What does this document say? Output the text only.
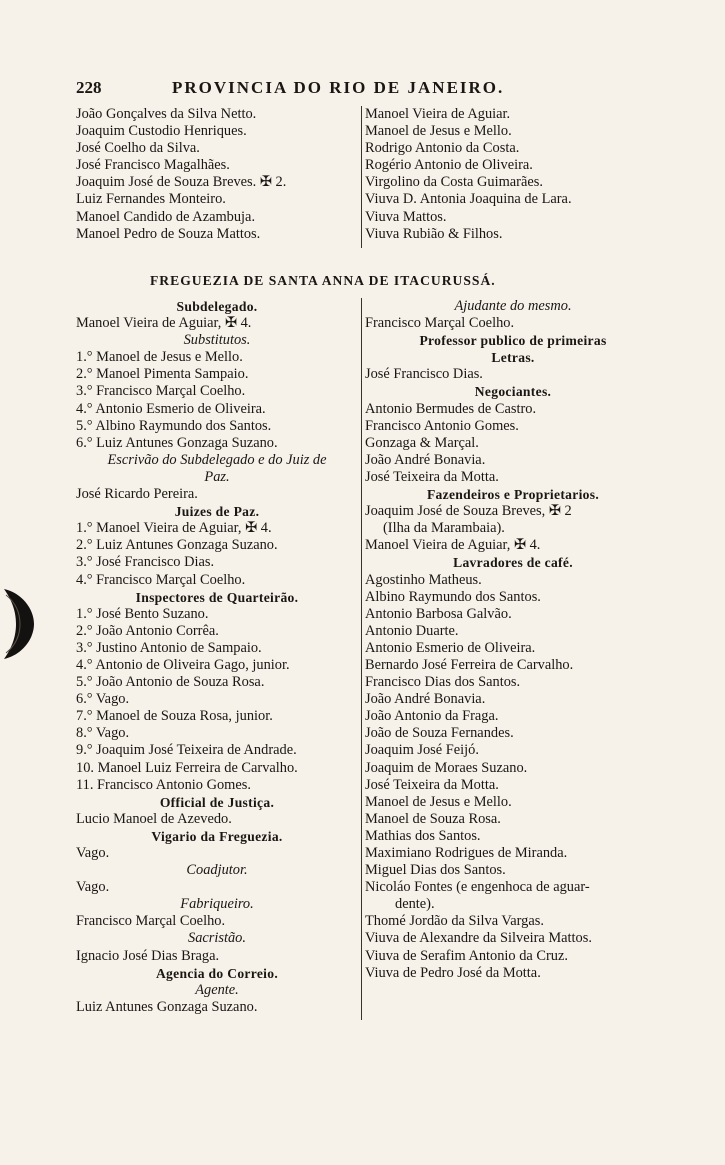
228	PROVINCIA DO RIO DE JANEIRO.
João Gonçalves da Silva Netto.
Joaquim Custodio Henriques.
José Coelho da Silva.
José Francisco Magalhães.
Joaquim José de Souza Breves. ✠ 2.
Luiz Fernandes Monteiro.
Manoel Candido de Azambuja.
Manoel Pedro de Souza Mattos.
Manoel Vieira de Aguiar.
Manoel de Jesus e Mello.
Rodrigo Antonio da Costa.
Rogério Antonio de Oliveira.
Virgolino da Costa Guimarães.
Viuva D. Antonia Joaquina de Lara.
Viuva Mattos.
Viuva Rubião & Filhos.
FREGUEZIA DE SANTA ANNA DE ITACURUSSÁ.
Subdelegado.
Manoel Vieira de Aguiar, ✠ 4.
Substitutos.
1.° Manoel de Jesus e Mello.
2.° Manoel Pimenta Sampaio.
3.° Francisco Marçal Coelho.
4.° Antonio Esmerio de Oliveira.
5.° Albino Raymundo dos Santos.
6.° Luiz Antunes Gonzaga Suzano.
Escrivão do Subdelegado e do Juiz de
Paz.
José Ricardo Pereira.
Juizes de Paz.
1.° Manoel Vieira de Aguiar, ✠ 4.
2.° Luiz Antunes Gonzaga Suzano.
3.° José Francisco Dias.
4.° Francisco Marçal Coelho.
Inspectores de Quarteirão.
1.° José Bento Suzano.
2.° João Antonio Corrêa.
3.° Justino Antonio de Sampaio.
4.° Antonio de Oliveira Gago, junior.
5.° João Antonio de Souza Rosa.
6.° Vago.
7.° Manoel de Souza Rosa, junior.
8.° Vago.
9.° Joaquim José Teixeira de Andrade.
10. Manoel Luiz Ferreira de Carvalho.
11. Francisco Antonio Gomes.
Official de Justiça.
Lucio Manoel de Azevedo.
Vigario da Freguezia.
Vago.
Coadjutor.
Vago.
Fabriqueiro.
Francisco Marçal Coelho.
Sacristão.
Ignacio José Dias Braga.
Agencia do Correio.
Agente.
Luiz Antunes Gonzaga Suzano.
Ajudante do mesmo.
Francisco Marçal Coelho.
Professor publico de primeiras
Letras.
José Francisco Dias.
Negociantes.
Antonio Bermudes de Castro.
Francisco Antonio Gomes.
Gonzaga & Marçal.
João André Bonavia.
José Teixeira da Motta.
Fazendeiros e Proprietarios.
Joaquim José de Souza Breves, ✠ 2
(Ilha da Marambaia).
Manoel Vieira de Aguiar, ✠ 4.
Lavradores de café.
Agostinho Matheus.
Albino Raymundo dos Santos.
Antonio Barbosa Galvão.
Antonio Duarte.
Antonio Esmerio de Oliveira.
Bernardo José Ferreira de Carvalho.
Francisco Dias dos Santos.
João André Bonavia.
João Antonio da Fraga.
João de Souza Fernandes.
Joaquim José Feijó.
Joaquim de Moraes Suzano.
José Teixeira da Motta.
Manoel de Jesus e Mello.
Manoel de Souza Rosa.
Mathias dos Santos.
Maximiano Rodrigues de Miranda.
Miguel Dias dos Santos.
Nicoláo Fontes (e engenhoca de aguar-
dente).
Thomé Jordão da Silva Vargas.
Viuva de Alexandre da Silveira Mattos.
Viuva de Serafim Antonio da Cruz.
Viuva de Pedro José da Motta.
